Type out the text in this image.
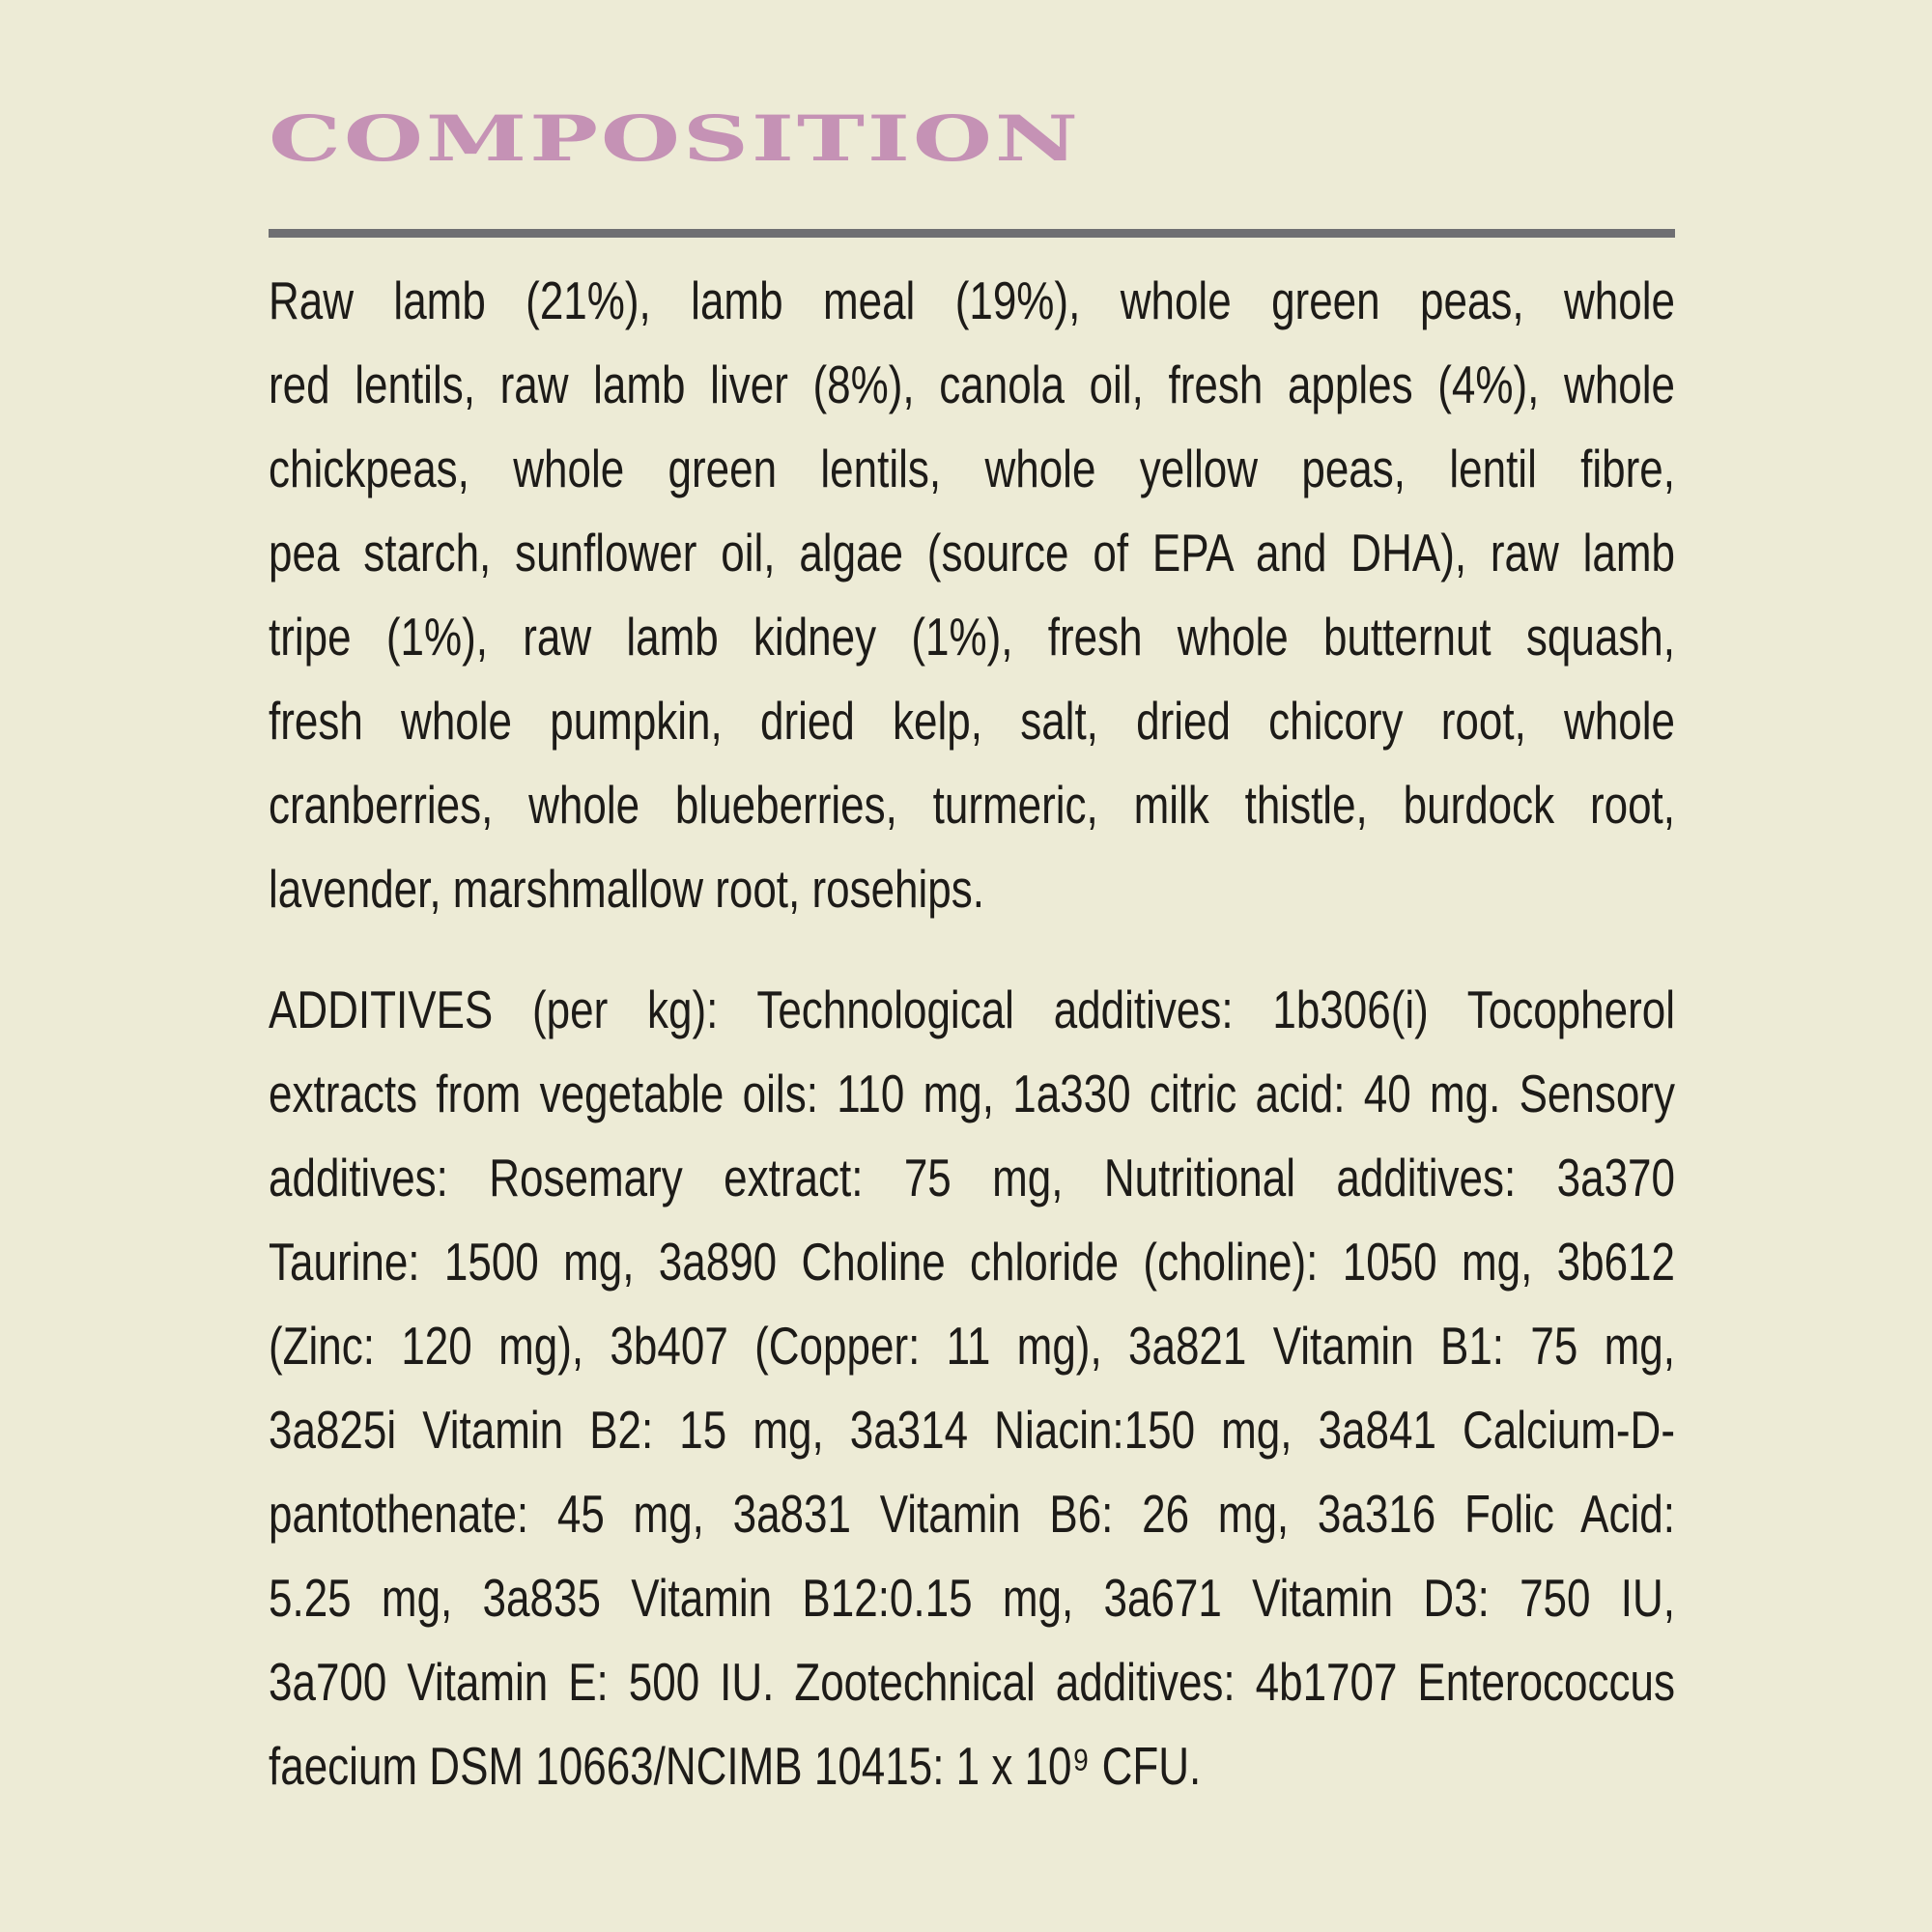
COMPOSITION
Raw lamb (21%), lamb meal (19%), whole green peas, whole
red lentils, raw lamb liver (8%), canola oil, fresh apples (4%), whole
chickpeas, whole green lentils, whole yellow peas, lentil fibre,
pea starch, sunflower oil, algae (source of EPA and DHA), raw lamb
tripe (1%), raw lamb kidney (1%), fresh whole butternut squash,
fresh whole pumpkin, dried kelp, salt, dried chicory root, whole
cranberries, whole blueberries, turmeric, milk thistle, burdock root,
lavender, marshmallow root, rosehips.
ADDITIVES (per kg): Technological additives: 1b306(i) Tocopherol
extracts from vegetable oils: 110 mg, 1a330 citric acid: 40 mg. Sensory
additives: Rosemary extract: 75 mg, Nutritional additives: 3a370
Taurine: 1500 mg, 3a890 Choline chloride (choline): 1050 mg, 3b612
(Zinc: 120 mg), 3b407 (Copper: 11 mg), 3a821 Vitamin B1: 75 mg,
3a825i Vitamin B2: 15 mg, 3a314 Niacin:150 mg, 3a841 Calcium-D-
pantothenate: 45 mg, 3a831 Vitamin B6: 26 mg, 3a316 Folic Acid:
5.25 mg, 3a835 Vitamin B12:0.15 mg, 3a671 Vitamin D3: 750 IU,
3a700 Vitamin E: 500 IU. Zootechnical additives: 4b1707 Enterococcus
faecium DSM 10663/NCIMB 10415: 1 x 10⁹ CFU.
